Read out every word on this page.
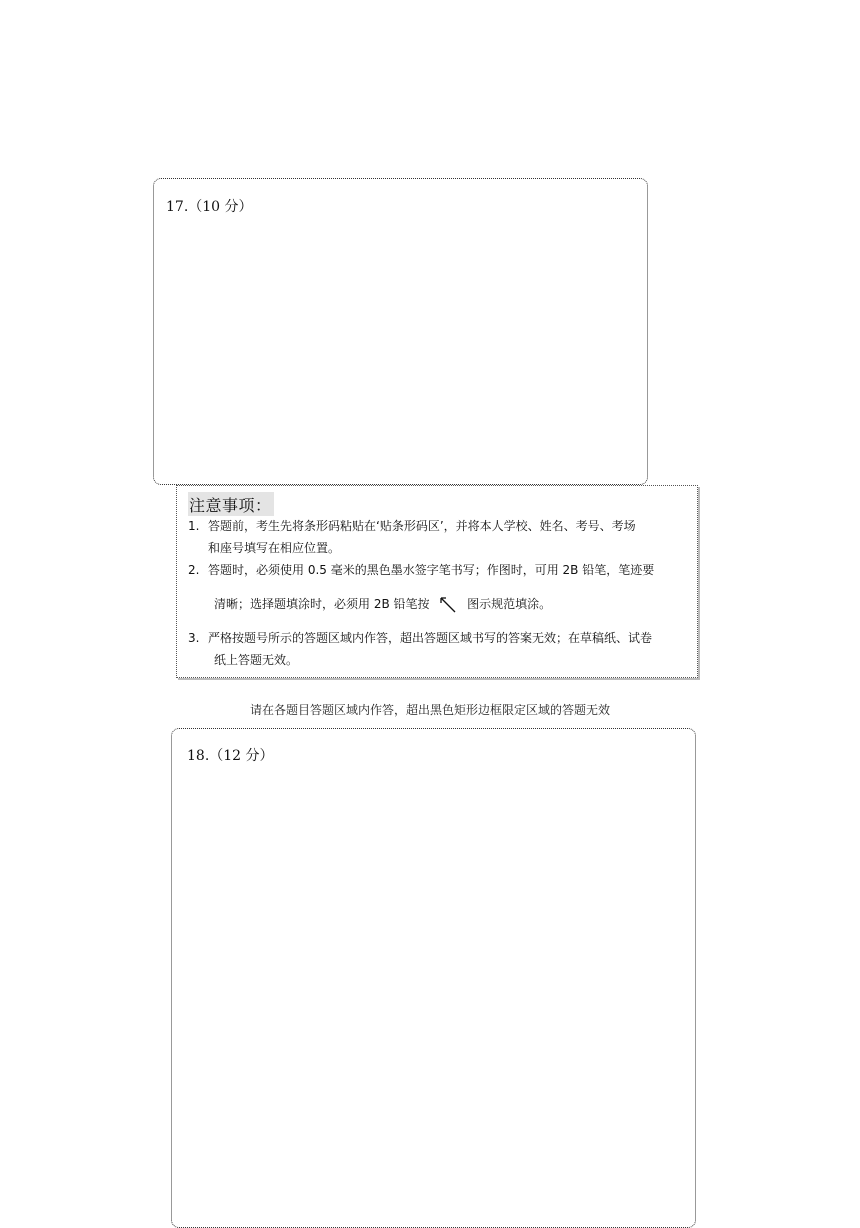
17.（10 分）
注意事项：
1. 答题前，考生先将条形码粘贴在‘贴条形码区’，并将本人学校、姓名、考号、考场
和座号填写在相应位置。
2. 答题时，必须使用 0.5 毫米的黑色墨水签字笔书写；作图时，可用 2B 铅笔，笔迹要
清晰；选择题填涂时，必须用 2B 铅笔按	图示规范填涂。
3. 严格按题号所示的答题区域内作答，超出答题区域书写的答案无效；在草稿纸、试卷
纸上答题无效。
请在各题目答题区域内作答，超出黑色矩形边框限定区域的答题无效
18.（12 分）
